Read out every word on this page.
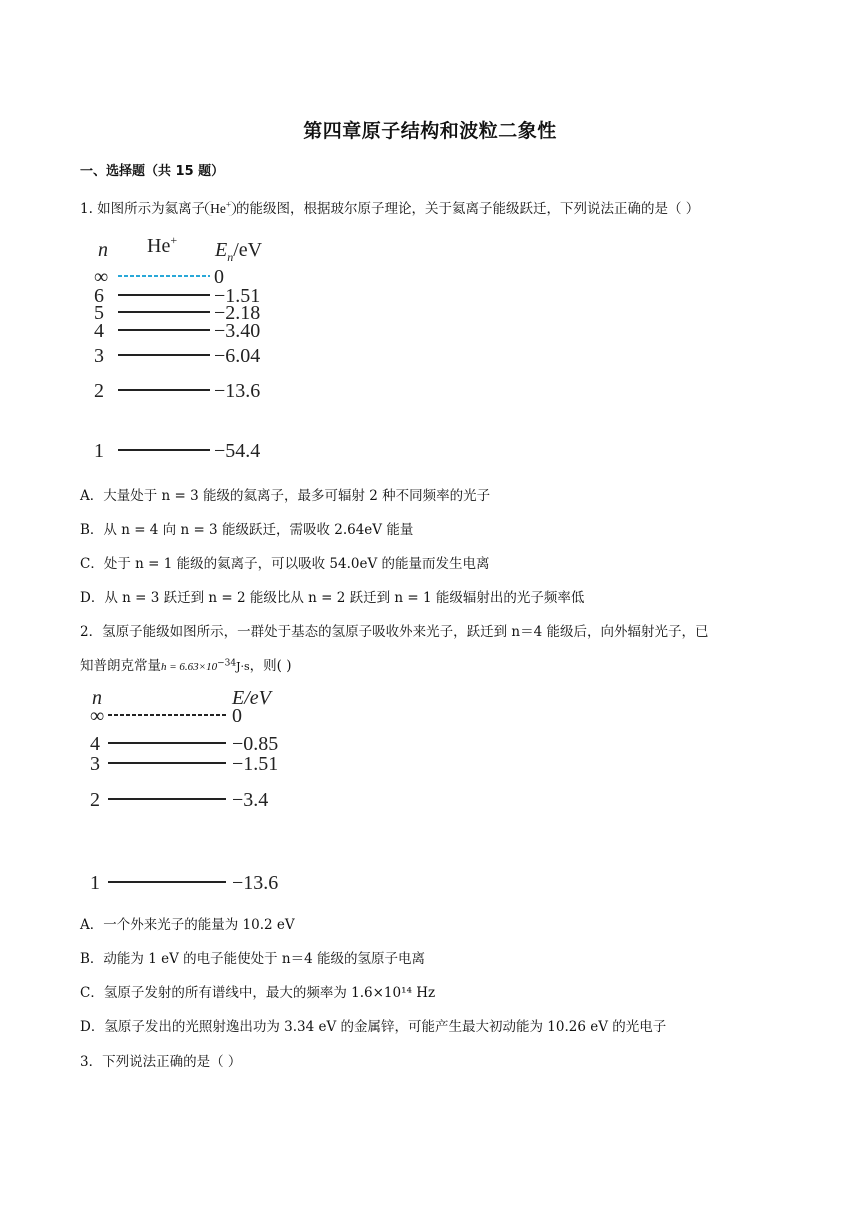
第四章原子结构和波粒二象性
一、选择题（共 15 题）
1. 如图所示为氦离子 He+ 的能级图，根据玻尔原子理论，关于氦离子能级跃迁，下列说法正确的是（ ）
n He+ $E_n/eV$
∞	0
6	−1.51
5	−2.18
4	−3.40
3	−6.04
2	−13.6
1	−54.4
A．大量处于 n = 3 能级的氦离子，最多可辐射 2 种不同频率的光子
B．从 n = 4 向 n = 3 能级跃迁，需吸收 2.64eV 能量
C．处于 n = 1 能级的氦离子，可以吸收 54.0eV 的能量而发生电离
D．从 n = 3 跃迁到 n = 2 能级比从 n = 2 跃迁到 n = 1 能级辐射出的光子频率低
2．氢原子能级如图所示，一群处于基态的氢原子吸收外来光子，跃迁到 n＝4 能级后，向外辐射光子，已
知普朗克常量$h = 6.63\times 10^{-34}J\cdot s$，则( )
n	E/eV
∞	0
4	−0.85
3	−1.51
2	−3.4
1	−13.6
A．一个外来光子的能量为 10.2 eV
B．动能为 1 eV 的电子能使处于 n＝4 能级的氢原子电离
C．氢原子发射的所有谱线中，最大的频率为 1.6×10¹⁴ Hz
D．氢原子发出的光照射逸出功为 3.34 eV 的金属锌，可能产生最大初动能为 10.26 eV 的光电子
3．下列说法正确的是（ ）
